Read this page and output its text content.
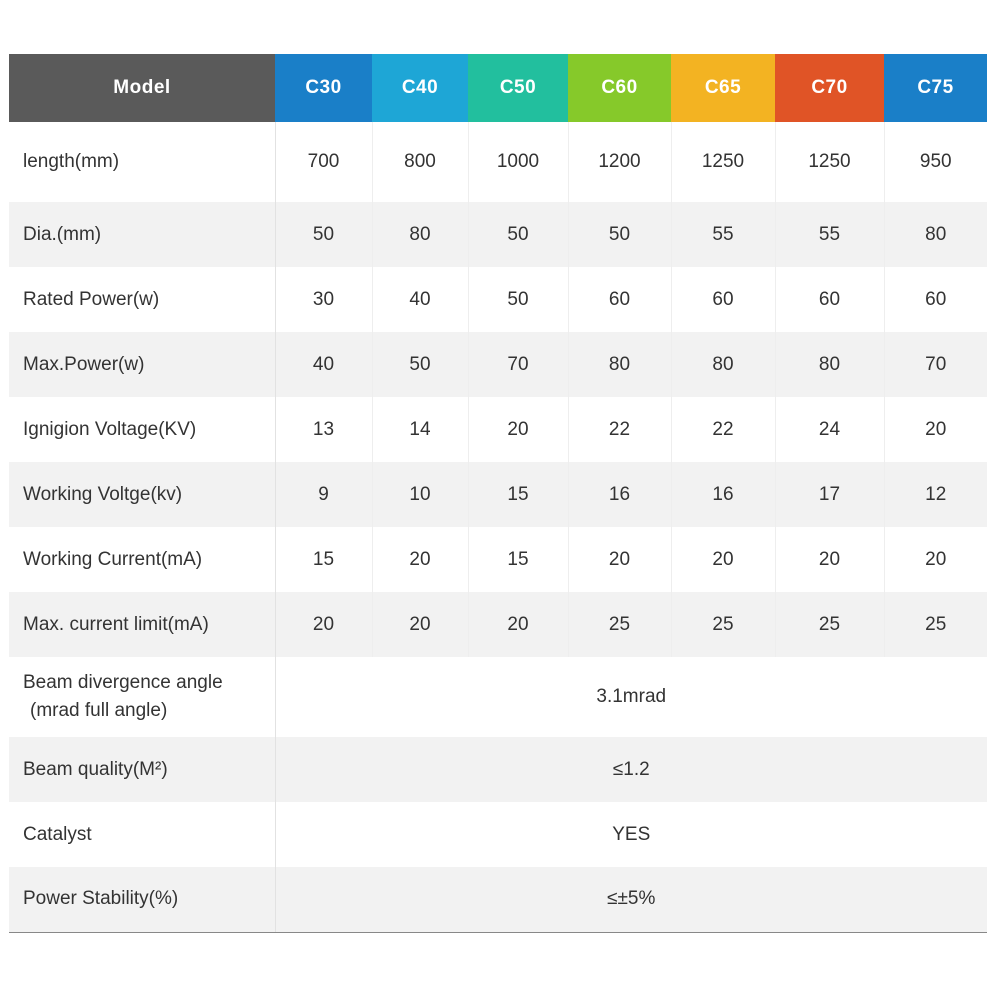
Model	C30	C40	C50	C60	C65	C70	C75
length(mm)	700	800	1000	1200	1250	1250	950
Dia.(mm)	50	80	50	50	55	55	80
Rated Power(w)	30	40	50	60	60	60	60
Max.Power(w)	40	50	70	80	80	80	70
Ignigion Voltage(KV)	13	14	20	22	22	24	20
Working Voltge(kv)	9	10	15	16	16	17	12
Working Current(mA)	15	20	15	20	20	20	20
Max. current limit(mA)	20	20	20	25	25	25	25

Beam divergence angle
(mrad full angle)	3.1mrad						
Beam quality(M²)	≤1.2						
Catalyst	YES						
Power Stability(%)	≤±5%						
